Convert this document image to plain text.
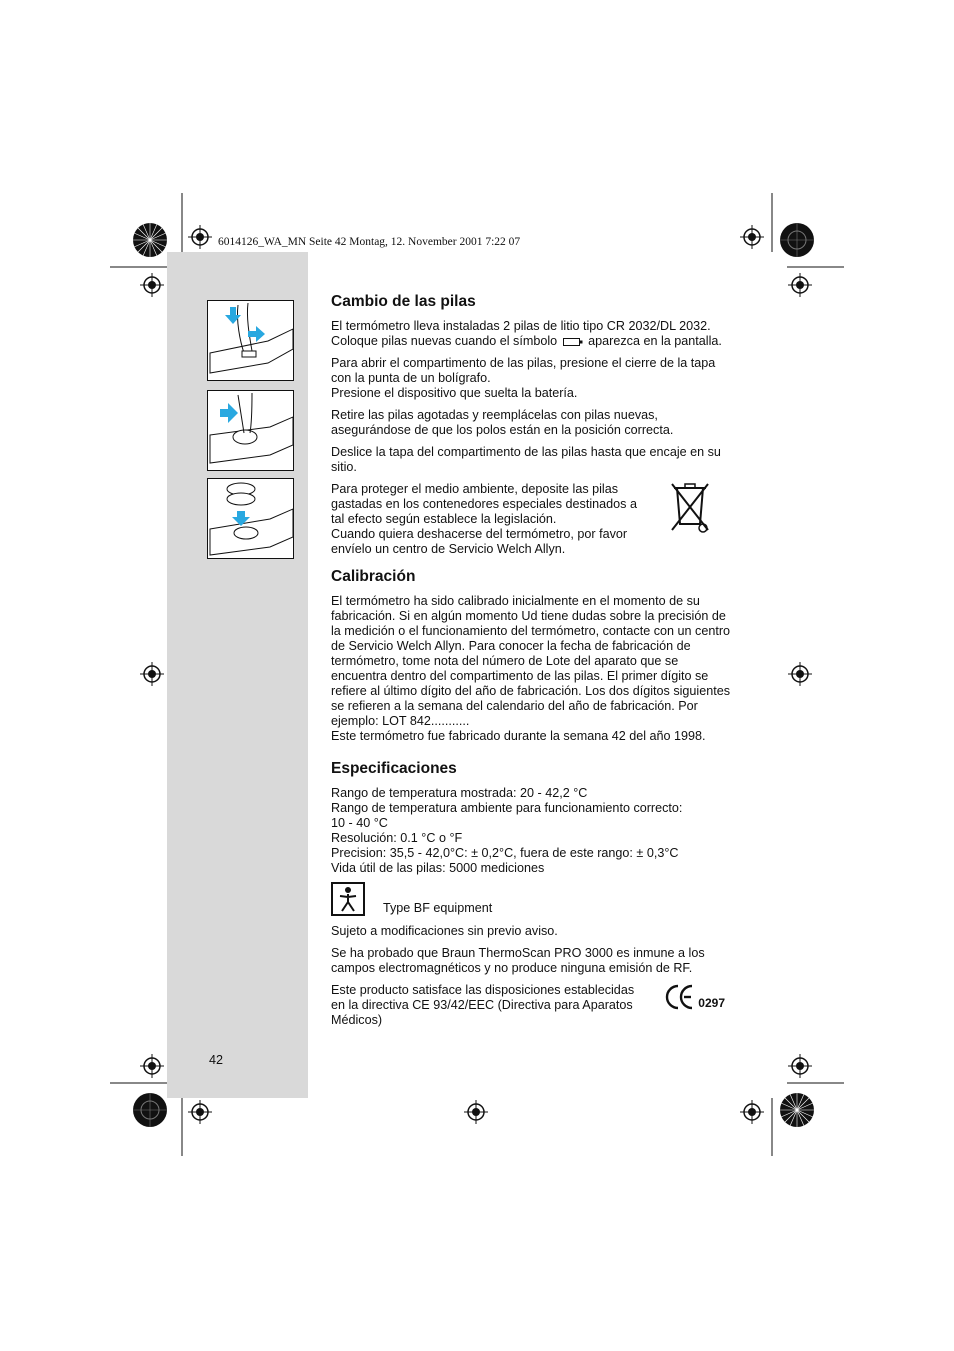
6014126_WA_MN Seite 42 Montag, 12. November 2001 7:22 07
Cambio de las pilas

El termómetro lleva instaladas 2 pilas de litio tipo CR 2032/DL 2032. Coloque pilas nuevas cuando el símbolo aparezca en la pantalla.

Para abrir el compartimento de las pilas, presione el cierre de la tapa con la punta de un bolígrafo.
Presione el dispositivo que suelta la batería.

Retire las pilas agotadas y reemplácelas con pilas nuevas, asegurándose de que los polos están en la posición correcta.

Deslice la tapa del compartimento de las pilas hasta que encaje en su sitio.

Para proteger el medio ambiente, deposite las pilas gastadas en los contenedores especiales destinados a tal efecto según establece la legislación.
Cuando quiera deshacerse del termómetro, por favor envíelo un centro de Servicio Welch Allyn.

Calibración

El termómetro ha sido calibrado inicialmente en el momento de su fabricación. Si en algún momento Ud tiene dudas sobre la precisión de la medición o el funcionamiento del termómetro, contacte con un centro de Servicio Welch Allyn. Para conocer la fecha de fabricación de termómetro, tome nota del número de Lote del aparato que se encuentra dentro del compartimento de las pilas. El primer dígito se refiere al último dígito del año de fabricación. Los dos dígitos siguientes se refieren a la semana del calendario del año de fabricación. Por ejemplo: LOT 842...........
Este termómetro fue fabricado durante la semana 42 del año 1998.

Especificaciones
Rango de temperatura mostrada: 20 - 42,2 °C
Rango de temperatura ambiente para funcionamiento correcto:
10 - 40 °C
Resolución: 0.1 °C o °F
Precision: 35,5 - 42,0°C: ± 0,2°C, fuera de este rango: ± 0,3°C
Vida útil de las pilas: 5000 mediciones
Type BF equipment

Sujeto a modificaciones sin previo aviso.

Se ha probado que Braun ThermoScan PRO 3000 es inmune a los campos electromagnéticos y no produce ninguna emisión de RF.

Este producto satisface las disposiciones establecidas en la directiva CE 93/42/EEC (Directiva para Aparatos Médicos)

0297
42
